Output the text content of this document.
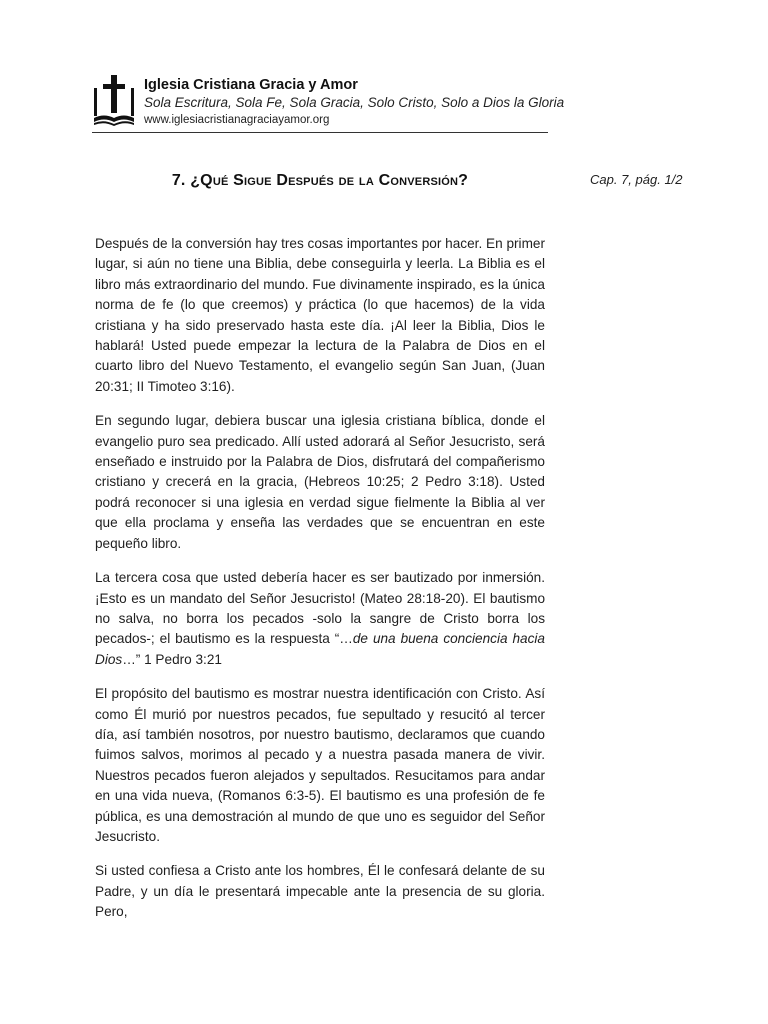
Iglesia Cristiana Gracia y Amor
Sola Escritura, Sola Fe, Sola Gracia, Solo Cristo, Solo a Dios la Gloria
www.iglesiacristianagraciayamor.org
7. ¿Qué Sigue Después de la Conversión?	Cap. 7, pág. 1/2

Después de la conversión hay tres cosas importantes por hacer. En primer lugar, si aún no tiene una Biblia, debe conseguirla y leerla. La Biblia es el libro más extraordinario del mundo. Fue divinamente inspirado, es la única norma de fe (lo que creemos) y práctica (lo que hacemos) de la vida cristiana y ha sido preservado hasta este día. ¡Al leer la Biblia, Dios le hablará! Usted puede empezar la lectura de la Palabra de Dios en el cuarto libro del Nuevo Testamento, el evangelio según San Juan, (Juan 20:31; II Timoteo 3:16).

En segundo lugar, debiera buscar una iglesia cristiana bíblica, donde el evangelio puro sea predicado. Allí usted adorará al Señor Jesucristo, será enseñado e instruido por la Palabra de Dios, disfrutará del compañerismo cristiano y crecerá en la gracia, (Hebreos 10:25; 2 Pedro 3:18). Usted podrá reconocer si una iglesia en verdad sigue fielmente la Biblia al ver que ella proclama y enseña las verdades que se encuentran en este pequeño libro.

La tercera cosa que usted debería hacer es ser bautizado por inmersión. ¡Esto es un mandato del Señor Jesucristo! (Mateo 28:18-20). El bautismo no salva, no borra los pecados -solo la sangre de Cristo borra los pecados-; el bautismo es la respuesta “…de una buena conciencia hacia Dios…” 1 Pedro 3:21

El propósito del bautismo es mostrar nuestra identificación con Cristo. Así como Él murió por nuestros pecados, fue sepultado y resucitó al tercer día, así también nosotros, por nuestro bautismo, declaramos que cuando fuimos salvos, morimos al pecado y a nuestra pasada manera de vivir. Nuestros pecados fueron alejados y sepultados. Resucitamos para andar en una vida nueva, (Romanos 6:3-5). El bautismo es una profesión de fe pública, es una demostración al mundo de que uno es seguidor del Señor Jesucristo.

Si usted confiesa a Cristo ante los hombres, Él le confesará delante de su Padre, y un día le presentará impecable ante la presencia de su gloria. Pero,
